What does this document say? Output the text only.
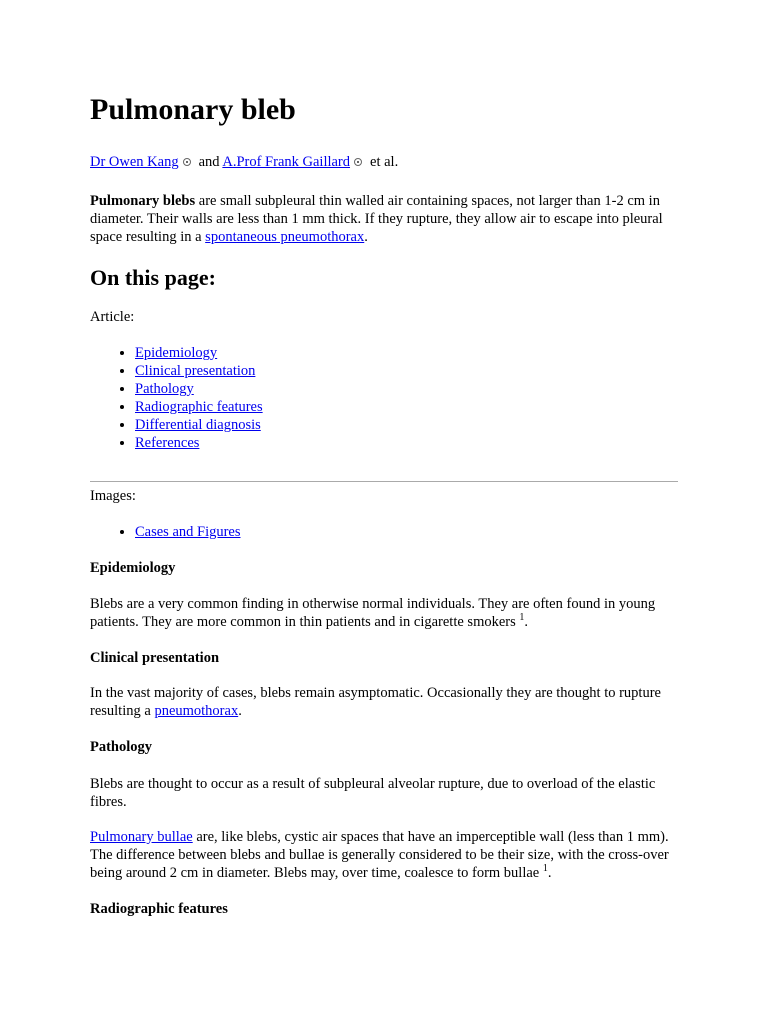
Pulmonary bleb
Dr Owen Kang and A.Prof Frank Gaillard et al.

Pulmonary blebs are small subpleural thin walled air containing spaces, not larger than 1-2 cm in diameter. Their walls are less than 1 mm thick. If they rupture, they allow air to escape into pleural space resulting in a spontaneous pneumothorax.

On this page:

Article:

• Epidemiology
• Clinical presentation
• Pathology
• Radiographic features
• Differential diagnosis
• References

Images:

• Cases and Figures
Epidemiology

Blebs are a very common finding in otherwise normal individuals. They are often found in young patients. They are more common in thin patients and in cigarette smokers $^1$.

Clinical presentation

In the vast majority of cases, blebs remain asymptomatic. Occasionally they are thought to rupture resulting a pneumothorax.

Pathology

Blebs are thought to occur as a result of subpleural alveolar rupture, due to overload of the elastic fibres.

Pulmonary bullae are, like blebs, cystic air spaces that have an imperceptible wall (less than 1 mm). The difference between blebs and bullae is generally considered to be their size, with the cross-over being around 2 cm in diameter. Blebs may, over time, coalesce to form bullae $^1$.

Radiographic features
